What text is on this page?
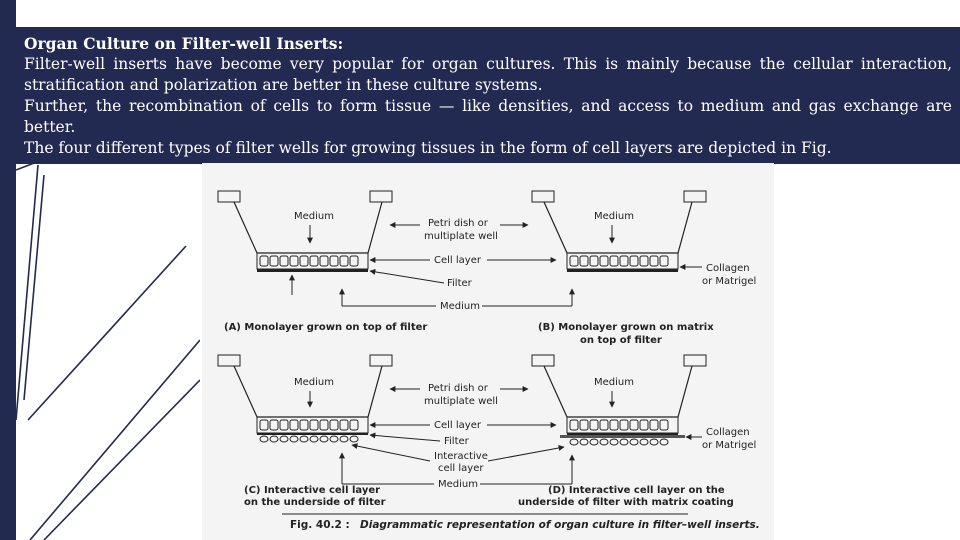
Organ Culture on Filter-well Inserts:
Filter-well inserts have become very popular for organ cultures. This is mainly because the cellular interaction, stratification and polarization are better in these culture systems.
Further, the recombination of cells to form tissue — like densities, and access to medium and gas exchange are better.
The four different types of filter wells for growing tissues in the form of cell layers are depicted in Fig.
Medium
(A) Monolayer grown on top of filter
Petri dish or
multiplate well
Cell layer
Filter
Medium
Medium
Collagen
or Matrigel
(B) Monolayer grown on matrix
on top of filter
Medium
(C) Interactive cell layer
on the underside of filter
Petri dish or
multiplate well
Cell layer
Filter
Interactive
cell layer
Medium
Medium
Collagen
or Matrigel
(D) Interactive cell layer on the
underside of filter with matrix coating
Fig. 40.2 : Diagrammatic representation of organ culture in filter–well inserts.
